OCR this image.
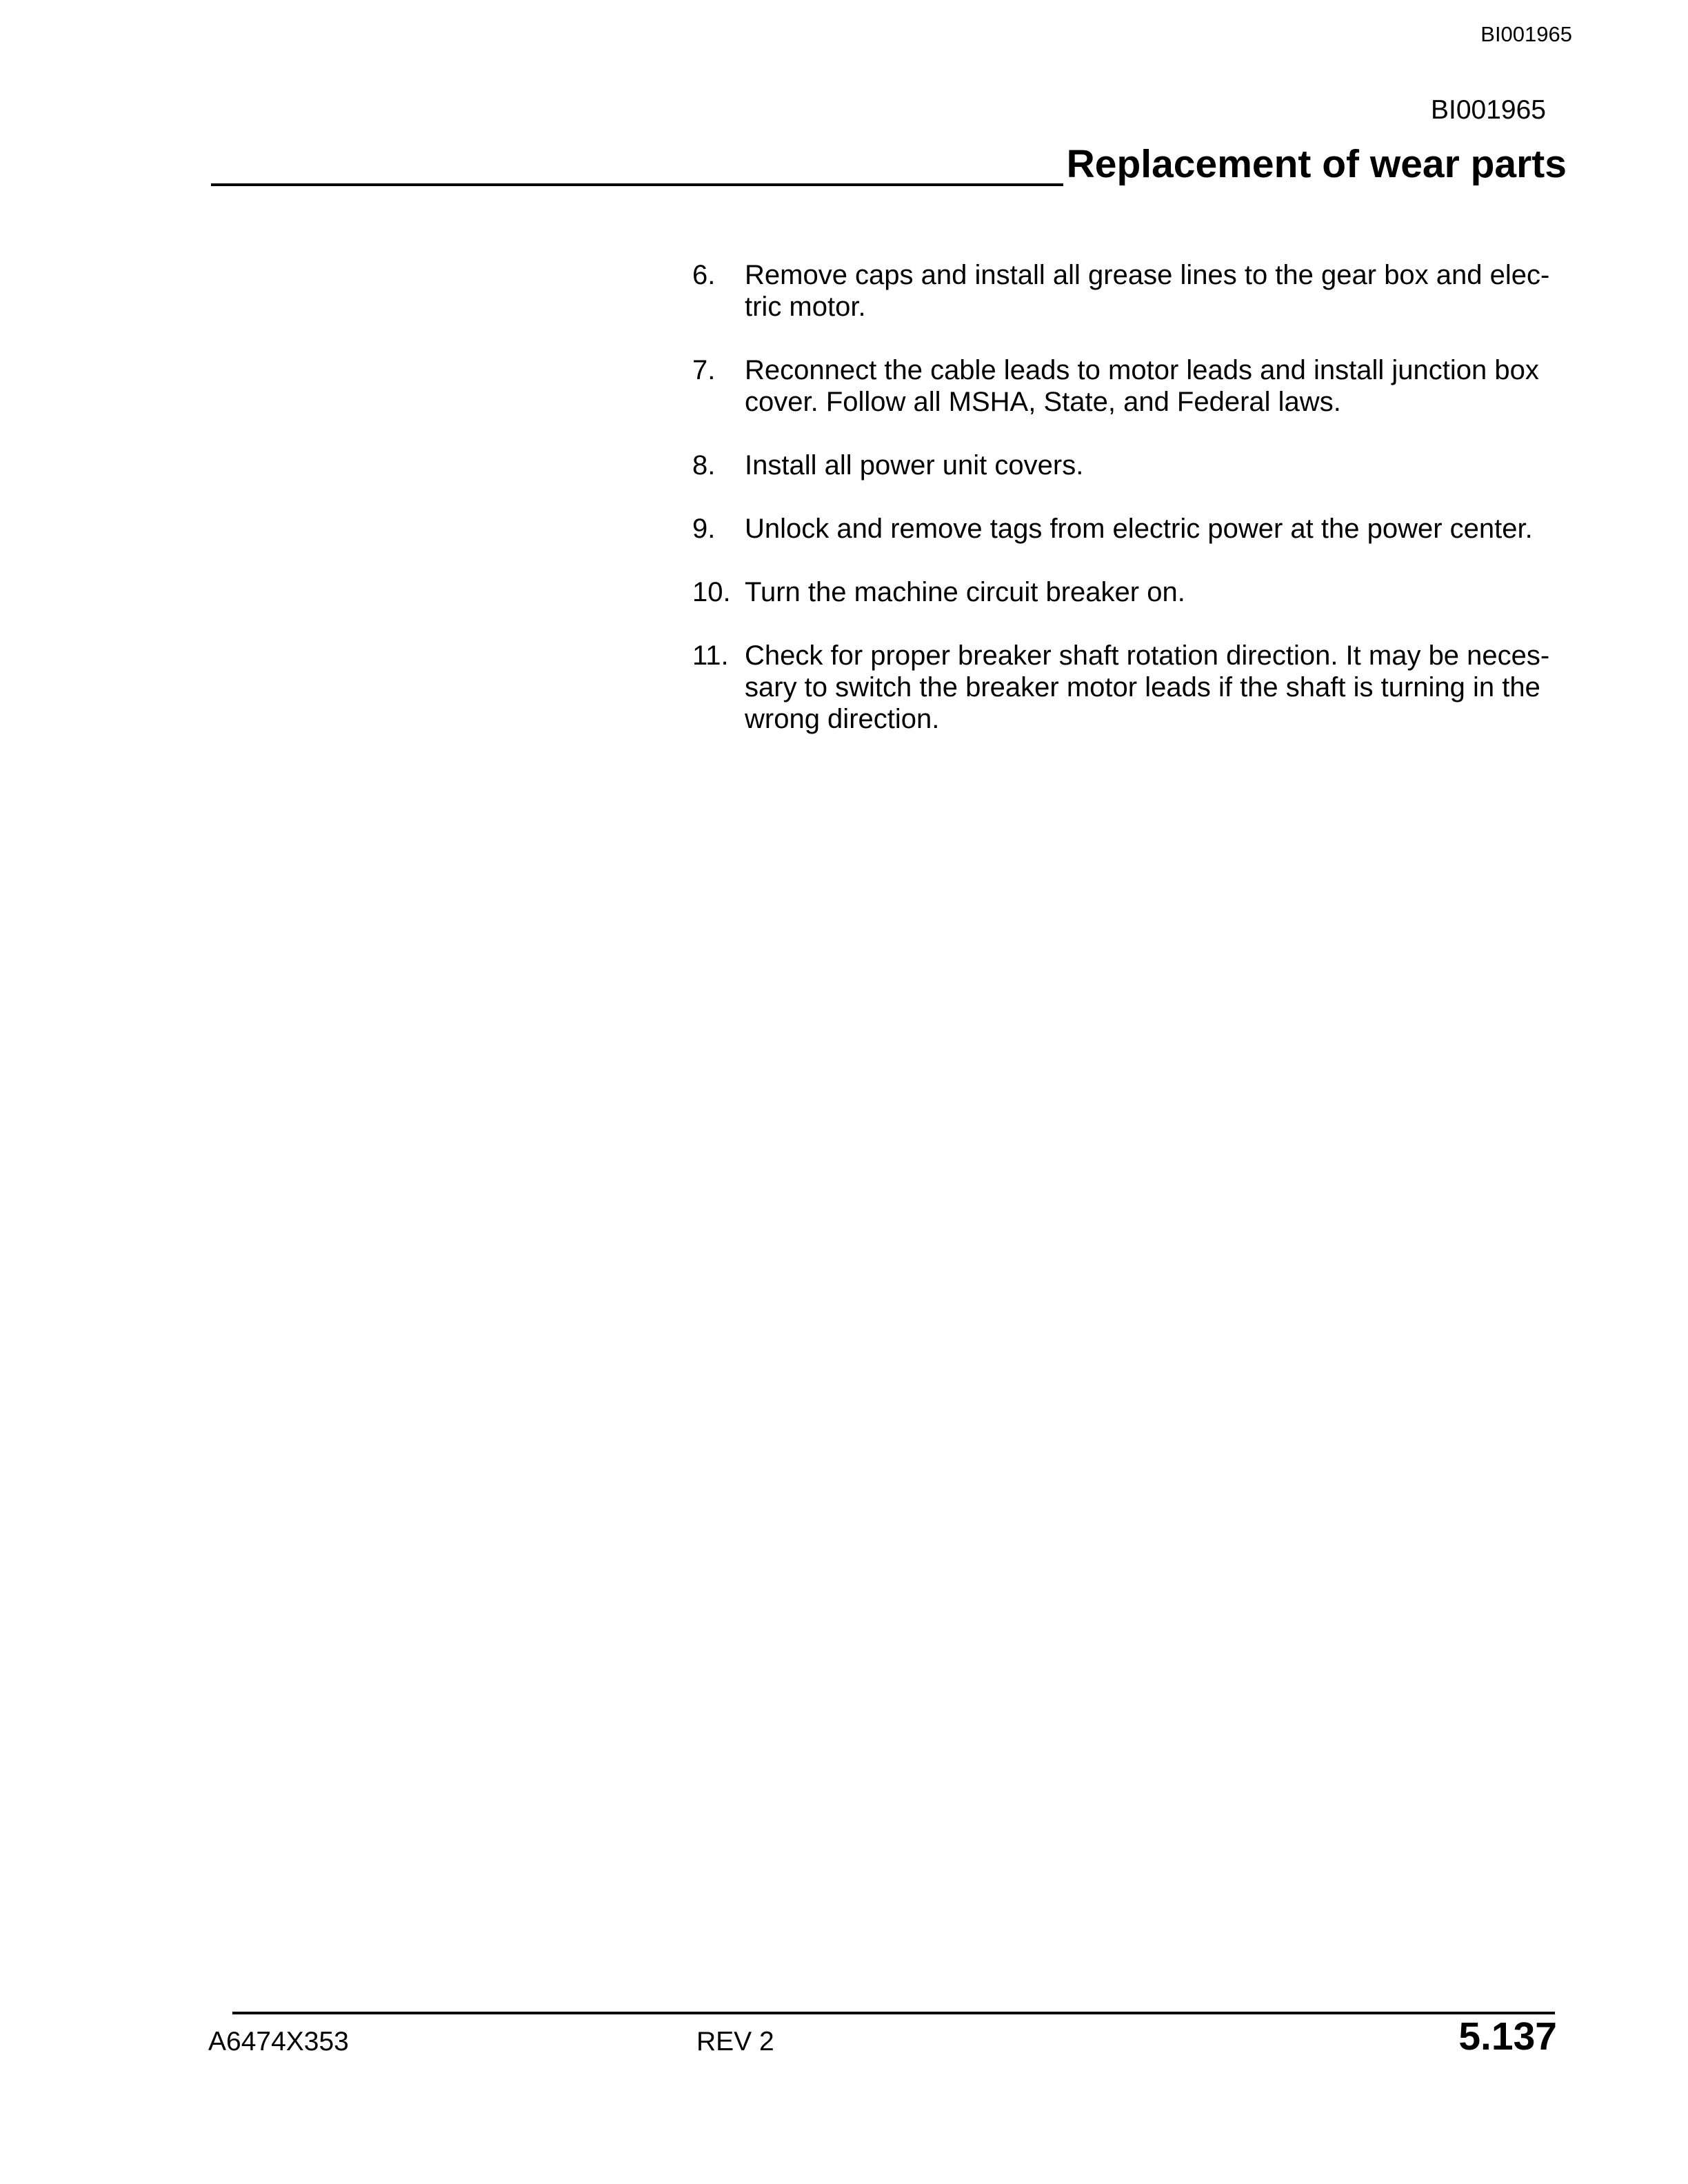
BI001965
BI001965
Replacement of wear parts
6. Remove caps and install all grease lines to the gear box and elec-tric motor.
7. Reconnect the cable leads to motor leads and install junction box cover. Follow all MSHA, State, and Federal laws.
8. Install all power unit covers.
9. Unlock and remove tags from electric power at the power center.
10. Turn the machine circuit breaker on.
11. Check for proper breaker shaft rotation direction. It may be neces-sary to switch the breaker motor leads if the shaft is turning in the wrong direction.
A6474X353	REV 2	5.137
